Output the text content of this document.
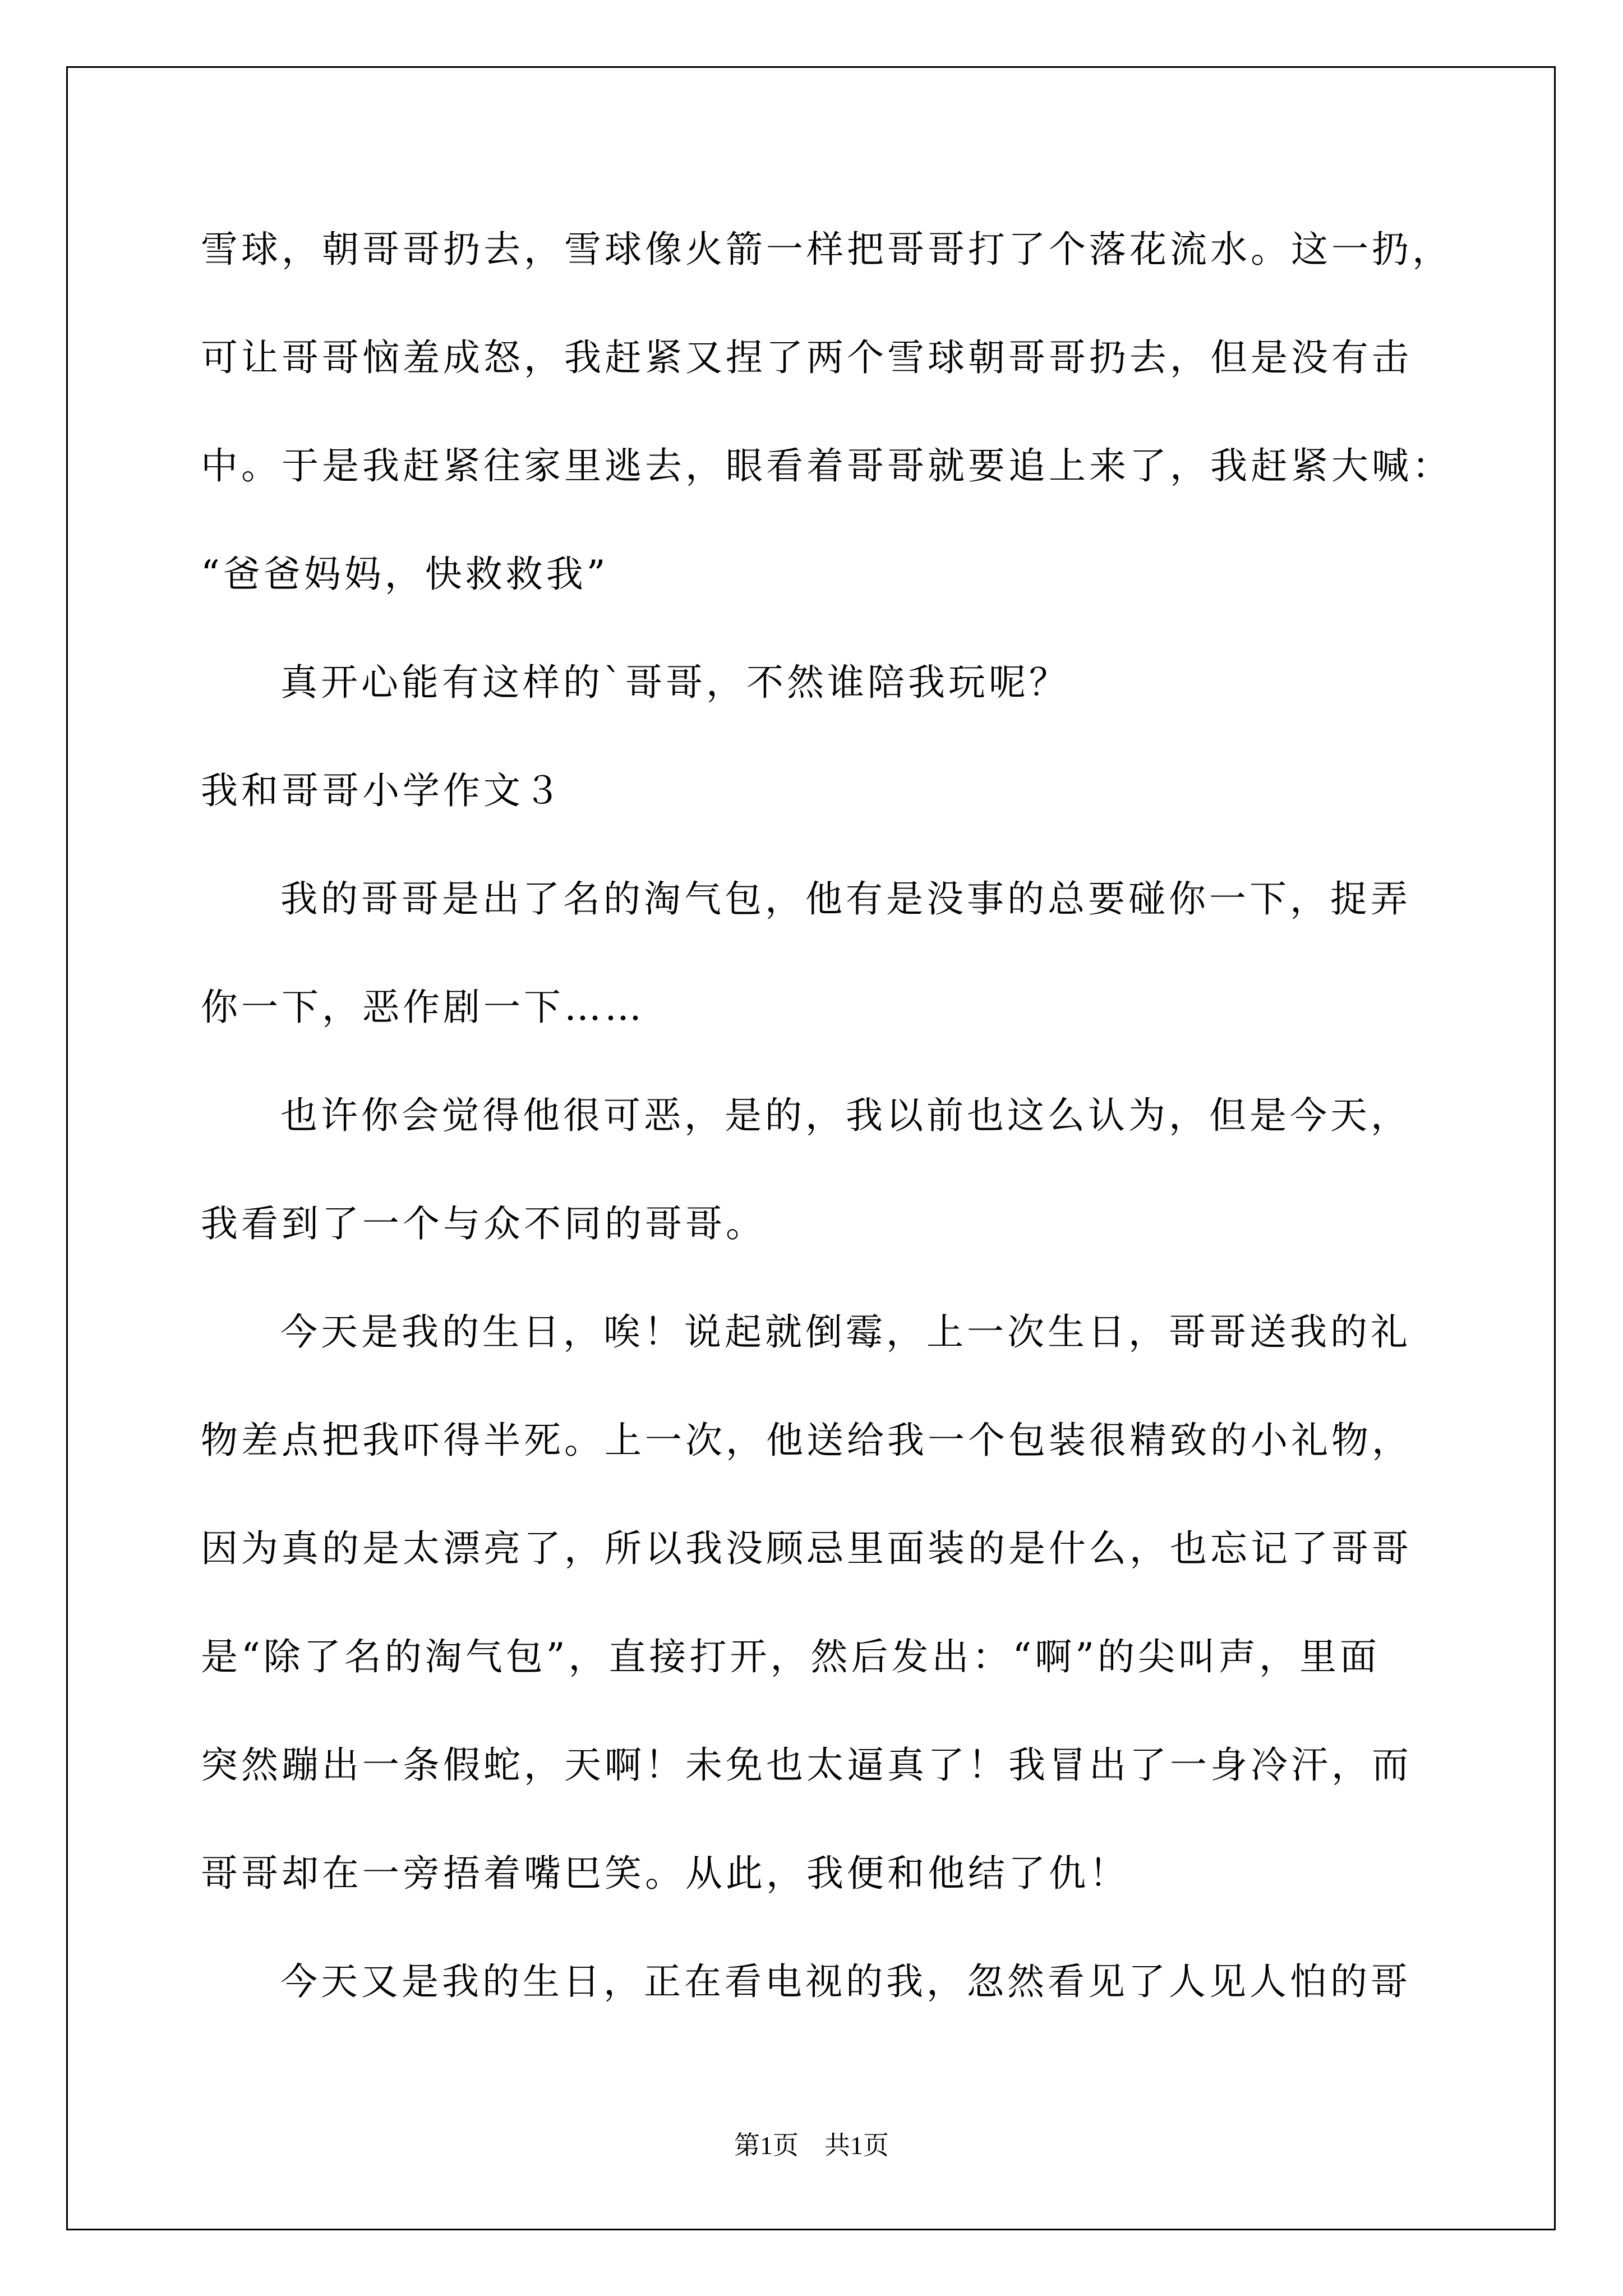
雪球，朝哥哥扔去，雪球像火箭一样把哥哥打了个落花流水。这一扔，
可让哥哥恼羞成怒，我赶紧又捏了两个雪球朝哥哥扔去，但是没有击
中。于是我赶紧往家里逃去，眼看着哥哥就要追上来了，我赶紧大喊：
“爸爸妈妈，快救救我”
真开心能有这样的`哥哥，不然谁陪我玩呢？
我和哥哥小学作文３
我的哥哥是出了名的淘气包，他有是没事的总要碰你一下，捉弄
你一下，恶作剧一下……
也许你会觉得他很可恶，是的，我以前也这么认为，但是今天，
我看到了一个与众不同的哥哥。
今天是我的生日，唉！说起就倒霉，上一次生日，哥哥送我的礼
物差点把我吓得半死。上一次，他送给我一个包装很精致的小礼物，
因为真的是太漂亮了，所以我没顾忌里面装的是什么，也忘记了哥哥
是“除了名的淘气包”，直接打开，然后发出：“啊”的尖叫声，里面
突然蹦出一条假蛇，天啊！未免也太逼真了！我冒出了一身冷汗，而
哥哥却在一旁捂着嘴巴笑。从此，我便和他结了仇！
今天又是我的生日，正在看电视的我，忽然看见了人见人怕的哥
第1页　共1页
